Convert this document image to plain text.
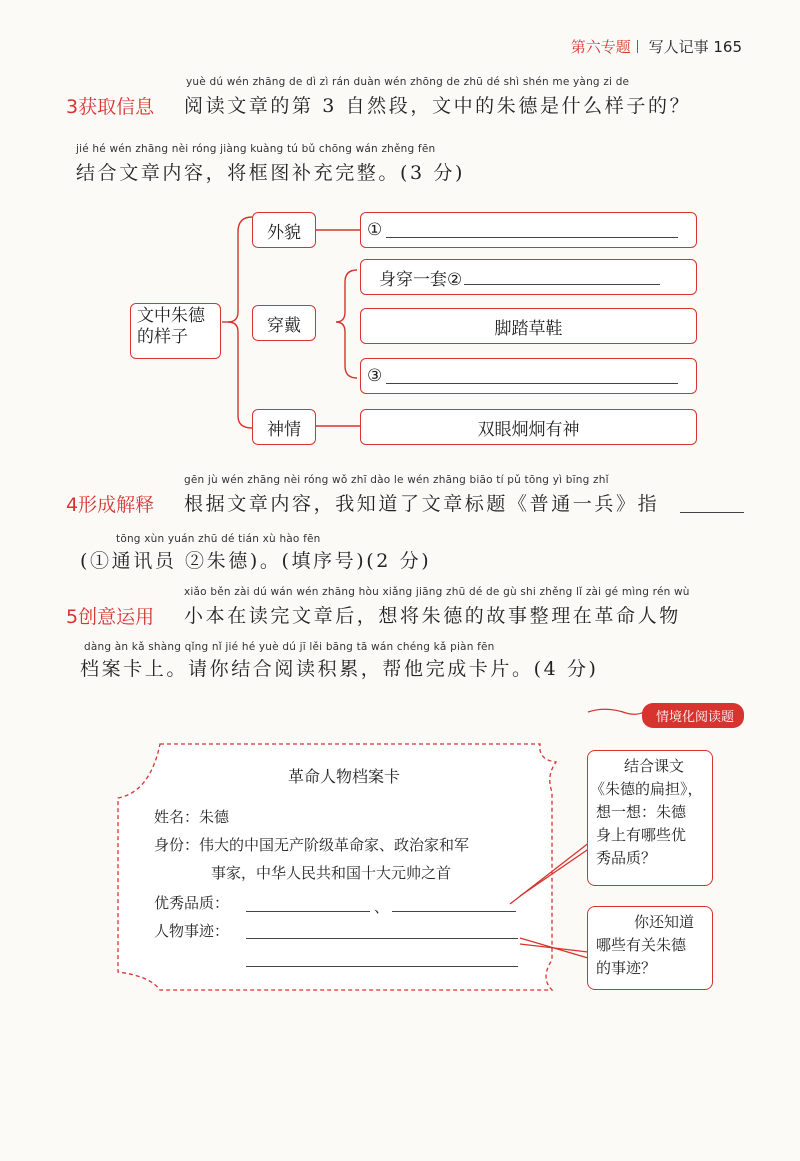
第六专题 写人记事 165
yuè dú wén zhāng de dì zì rán duàn wén zhōng de zhū dé shì shén me yàng zi de
3获取信息 阅读文章的第 3 自然段，文中的朱德是什么样子的？
jié hé wén zhāng nèi róng jiàng kuàng tú bǔ chōng wán zhěng fēn
结合文章内容，将框图补充完整。(3 分)
文中朱德的样子
外貌	①
穿戴
身穿一套②
脚踏草鞋
③
神情	双眼炯炯有神
gēn jù wén zhāng nèi róng wǒ zhī dào le wén zhāng biāo tí pǔ tōng yì bīng zhǐ
4形成解释 根据文章内容，我知道了文章标题《普通一兵》指
tōng xùn yuán zhū dé tián xù hào fēn
(①通讯员 ②朱德)。(填序号)(2 分)
xiǎo běn zài dú wán wén zhāng hòu xiǎng jiāng zhū dé de gù shi zhěng lǐ zài gé mìng rén wù
5创意运用 小本在读完文章后，想将朱德的故事整理在革命人物
dàng àn kǎ shàng qǐng nǐ jié hé yuè dú jī lěi bāng tā wán chéng kǎ piàn fēn
档案卡上。请你结合阅读积累，帮他完成卡片。(4 分)
情境化阅读题
革命人物档案卡
姓名：朱德
身份：伟大的中国无产阶级革命家、政治家和军
事家，中华人民共和国十大元帅之首
优秀品质：	、
人物事迹：
结合课文
《朱德的扁担》，
想一想：朱德
身上有哪些优
秀品质？
你还知道
哪些有关朱德
的事迹？
